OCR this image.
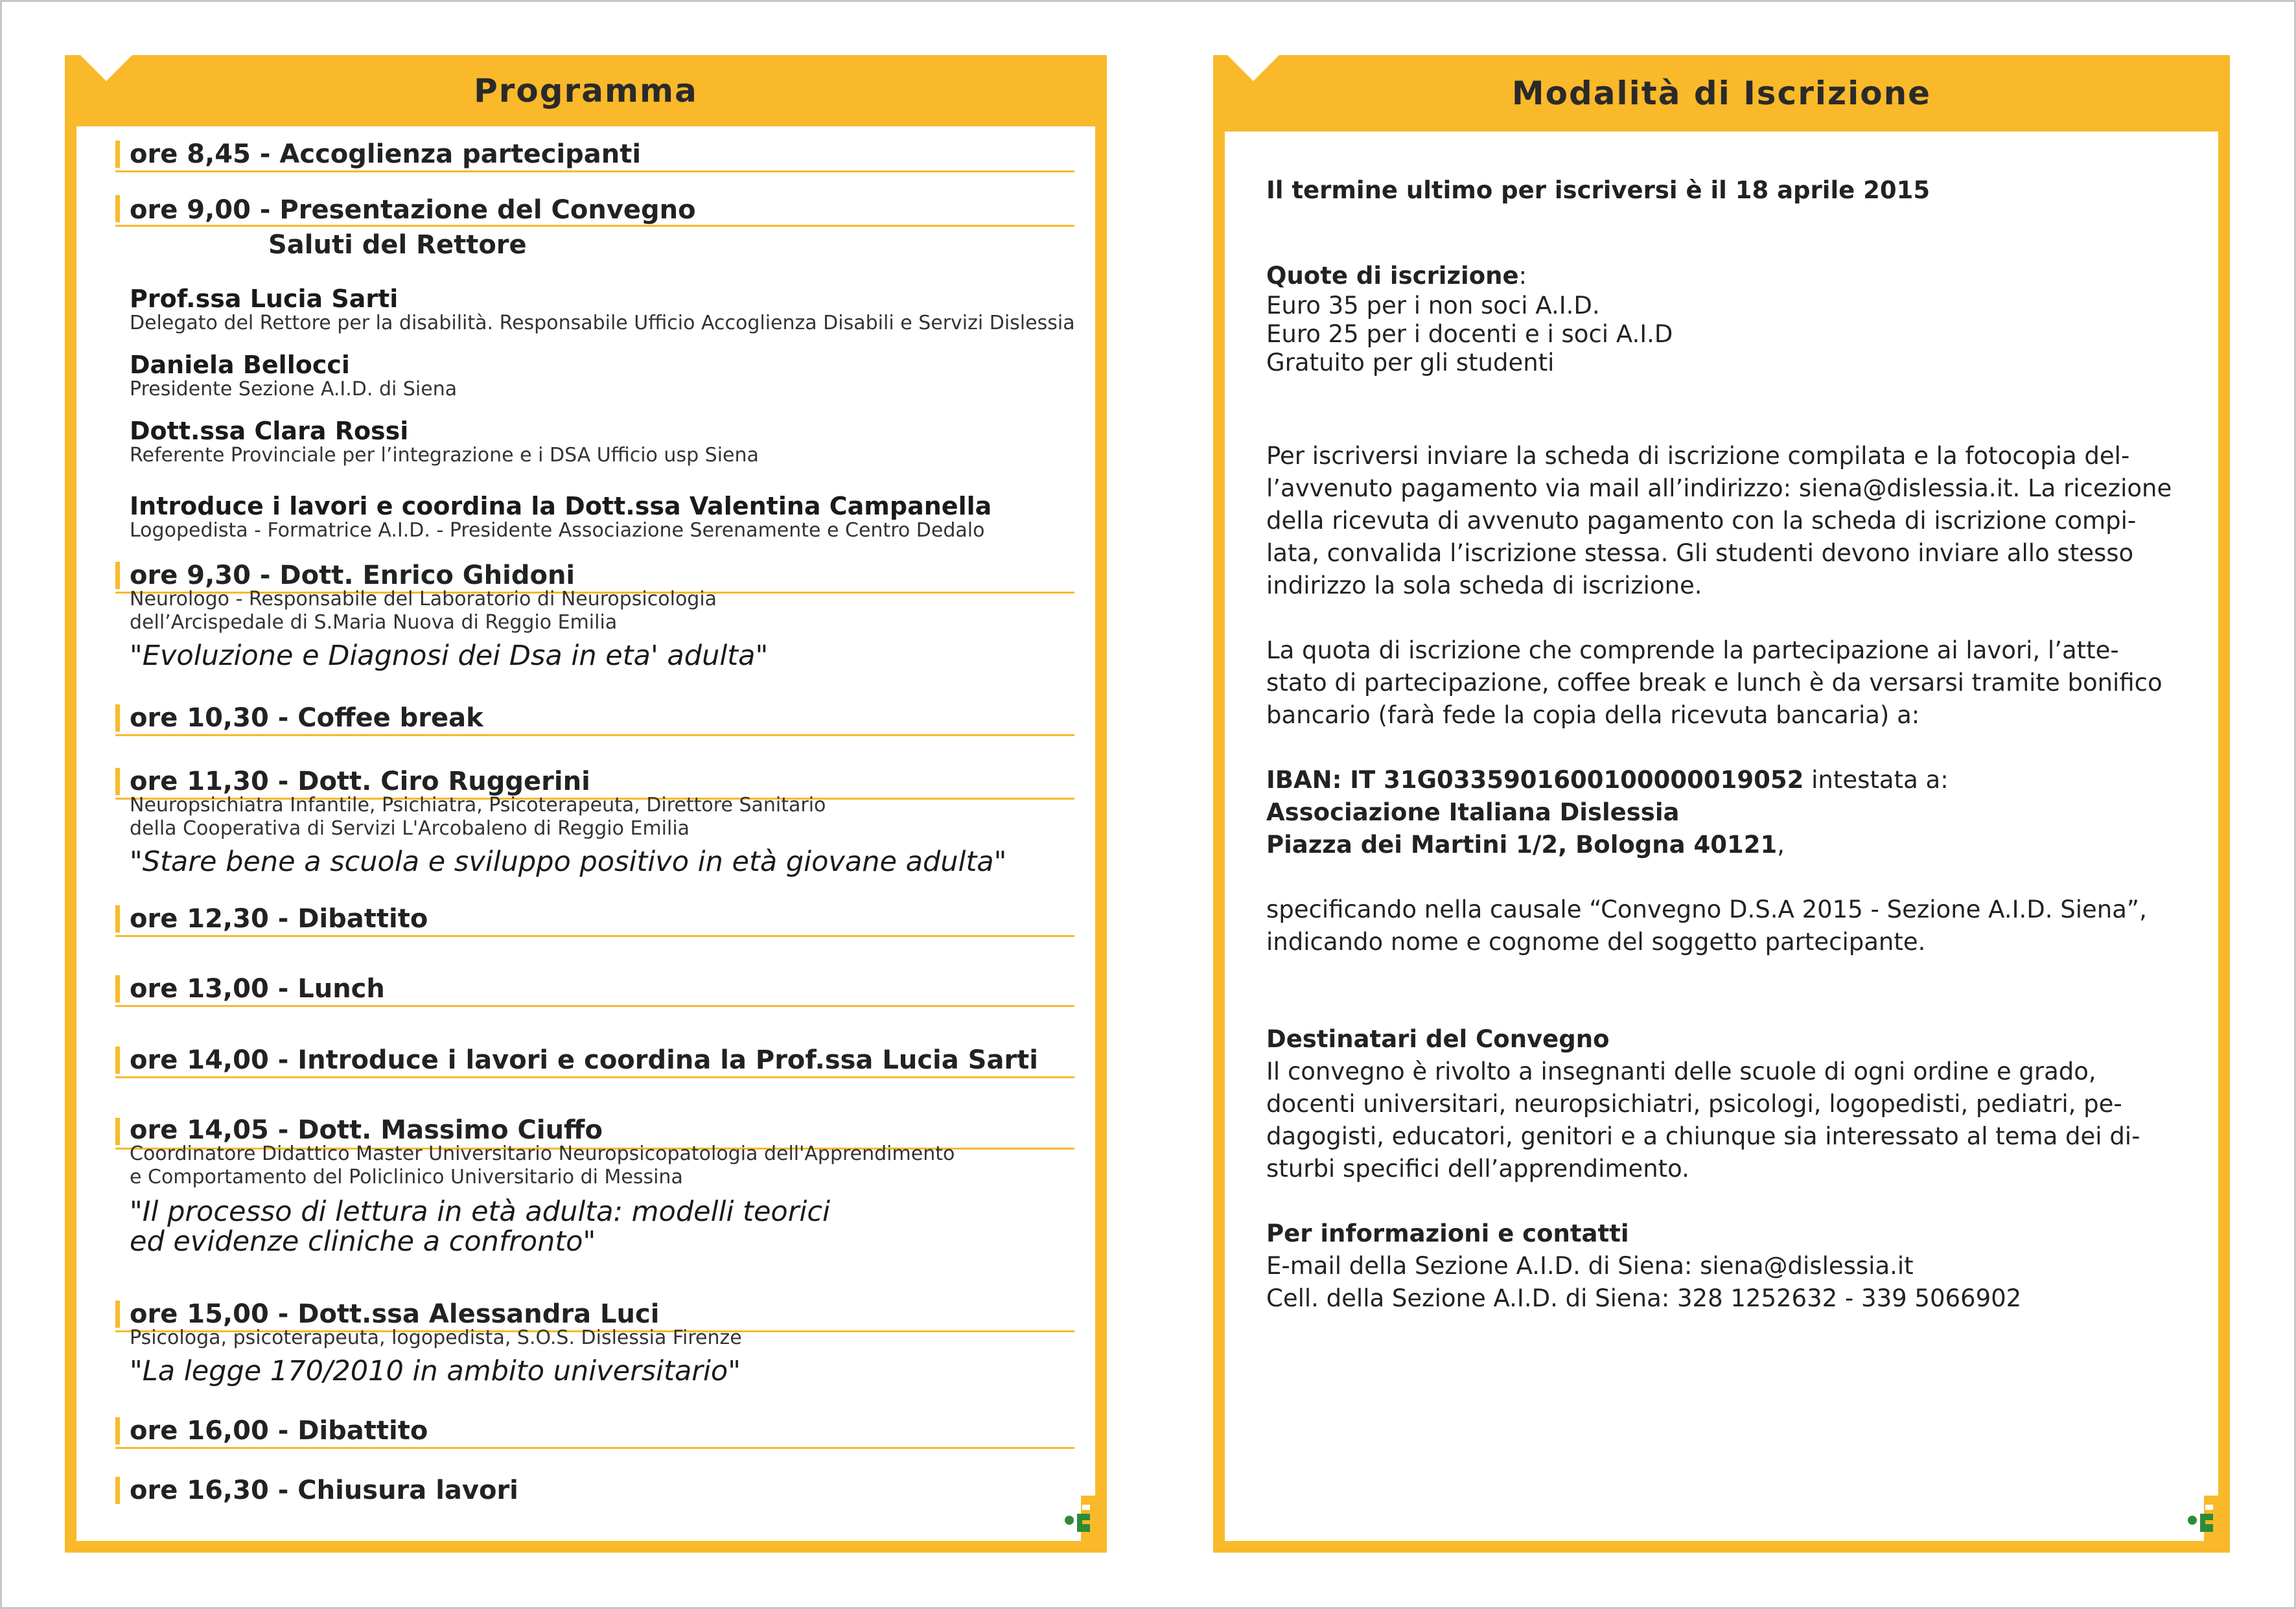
Programma
ore 8,45 - Accoglienza partecipanti
ore 9,00 - Presentazione del Convegno
Saluti del Rettore
Prof.ssa Lucia Sarti
Delegato del Rettore per la disabilità. Responsabile Ufficio Accoglienza Disabili e Servizi Dislessia
Daniela Bellocci
Presidente Sezione A.I.D. di Siena
Dott.ssa Clara Rossi
Referente Provinciale per l’integrazione e i DSA Ufficio usp Siena
Introduce i lavori e coordina la Dott.ssa Valentina Campanella
Logopedista - Formatrice A.I.D. - Presidente Associazione Serenamente e Centro Dedalo
ore 9,30 - Dott. Enrico Ghidoni
Neurologo - Responsabile del Laboratorio di Neuropsicologia
dell’Arcispedale di S.Maria Nuova di Reggio Emilia
"Evoluzione e Diagnosi dei Dsa in eta' adulta"
ore 10,30 - Coffee break
ore 11,30 - Dott. Ciro Ruggerini
Neuropsichiatra Infantile, Psichiatra, Psicoterapeuta, Direttore Sanitario
della Cooperativa di Servizi L'Arcobaleno di Reggio Emilia
"Stare bene a scuola e sviluppo positivo in età giovane adulta"
ore 12,30 - Dibattito
ore 13,00 - Lunch
ore 14,00 - Introduce i lavori e coordina la Prof.ssa Lucia Sarti
ore 14,05 - Dott. Massimo Ciuffo
Coordinatore Didattico Master Universitario Neuropsicopatologia dell'Apprendimento
e Comportamento del Policlinico Universitario di Messina
"Il processo di lettura in età adulta: modelli teorici
ed evidenze cliniche a confronto"
ore 15,00 - Dott.ssa Alessandra Luci
Psicologa, psicoterapeuta, logopedista, S.O.S. Dislessia Firenze
"La legge 170/2010 in ambito universitario"
ore 16,00 - Dibattito
ore 16,30 - Chiusura lavori
Modalità di Iscrizione
Il termine ultimo per iscriversi è il 18 aprile 2015
Quote di iscrizione:
Euro 35 per i non soci A.I.D.
Euro 25 per i docenti e i soci A.I.D
Gratuito per gli studenti
Per iscriversi inviare la scheda di iscrizione compilata e la fotocopia del-
l’avvenuto pagamento via mail all’indirizzo: siena@dislessia.it. La ricezione
della ricevuta di avvenuto pagamento con la scheda di iscrizione compi-
lata, convalida l’iscrizione stessa. Gli studenti devono inviare allo stesso
indirizzo la sola scheda di iscrizione.
La quota di iscrizione che comprende la partecipazione ai lavori, l’atte-
stato di partecipazione, coffee break e lunch è da versarsi tramite bonifico
bancario (farà fede la copia della ricevuta bancaria) a:
IBAN: IT 31G0335901600100000019052 intestata a:
Associazione Italiana Dislessia
Piazza dei Martini 1/2, Bologna 40121,
specificando nella causale “Convegno D.S.A 2015 - Sezione A.I.D. Siena”,
indicando nome e cognome del soggetto partecipante.
Destinatari del Convegno
Il convegno è rivolto a insegnanti delle scuole di ogni ordine e grado,
docenti universitari, neuropsichiatri, psicologi, logopedisti, pediatri, pe-
dagogisti, educatori, genitori e a chiunque sia interessato al tema dei di-
sturbi specifici dell’apprendimento.
Per informazioni e contatti
E-mail della Sezione A.I.D. di Siena: siena@dislessia.it
Cell. della Sezione A.I.D. di Siena: 328 1252632 - 339 5066902
